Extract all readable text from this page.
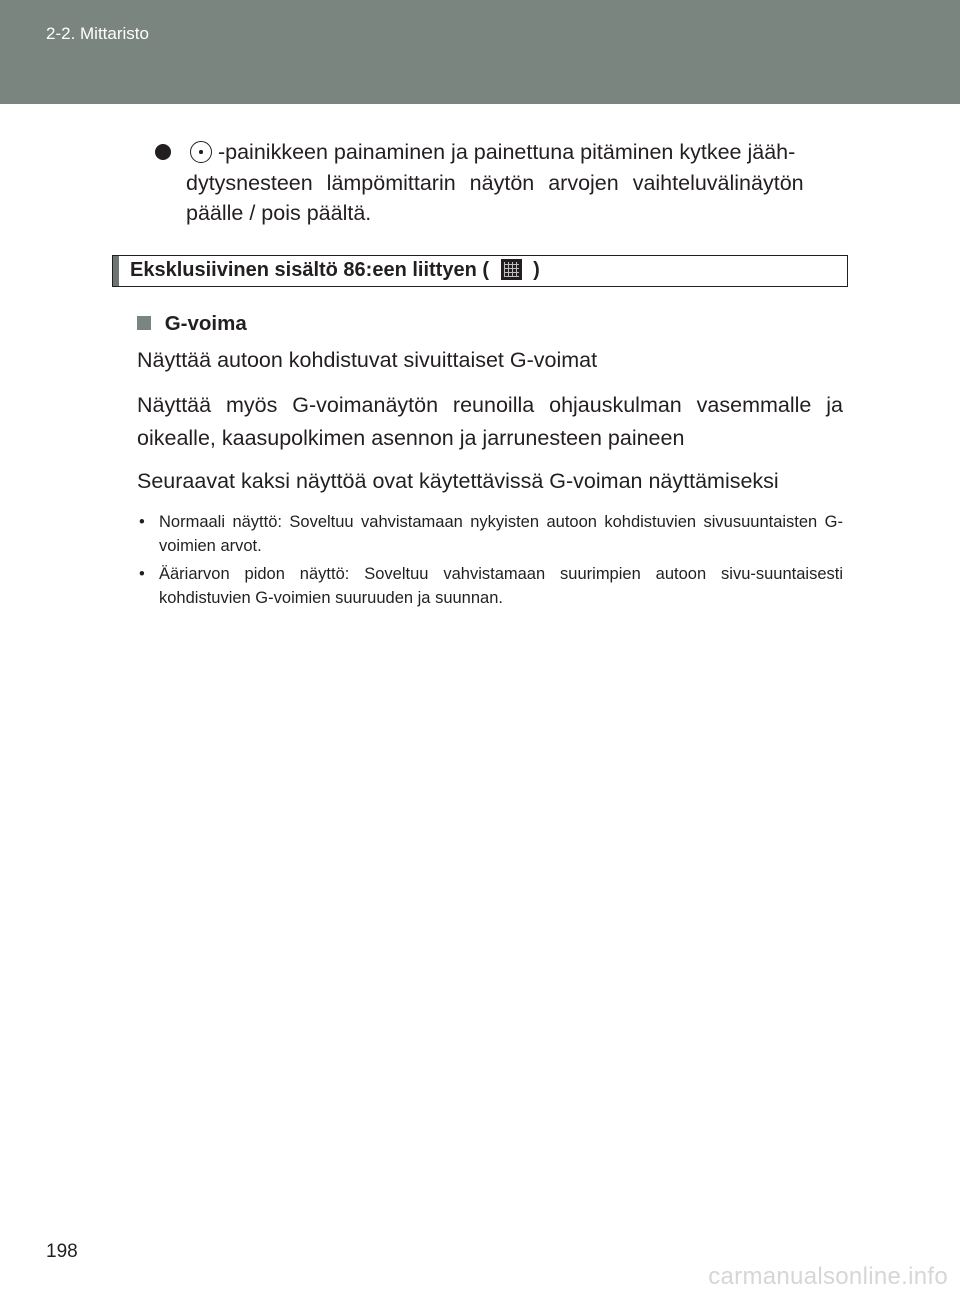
2-2. Mittaristo
-painikkeen painaminen ja painettuna pitäminen kytkee jääh-
dytysnesteen lämpömittarin näytön arvojen vaihteluvälinäytön
päälle / pois päältä.
Eksklusiivinen sisältö 86:een liittyen ( )
G-voima
Näyttää autoon kohdistuvat sivuittaiset G-voimat
Näyttää myös G-voimanäytön reunoilla ohjauskulman vasemmalle ja oikealle, kaasupolkimen asennon ja jarrunesteen paineen
Seuraavat kaksi näyttöä ovat käytettävissä G-voiman näyttämiseksi
• Normaali näyttö: Soveltuu vahvistamaan nykyisten autoon kohdistuvien sivusuuntaisten G-voimien arvot.
• Ääriarvon pidon näyttö: Soveltuu vahvistamaan suurimpien autoon sivu-suuntaisesti kohdistuvien G-voimien suuruuden ja suunnan.
198
carmanualsonline.info
